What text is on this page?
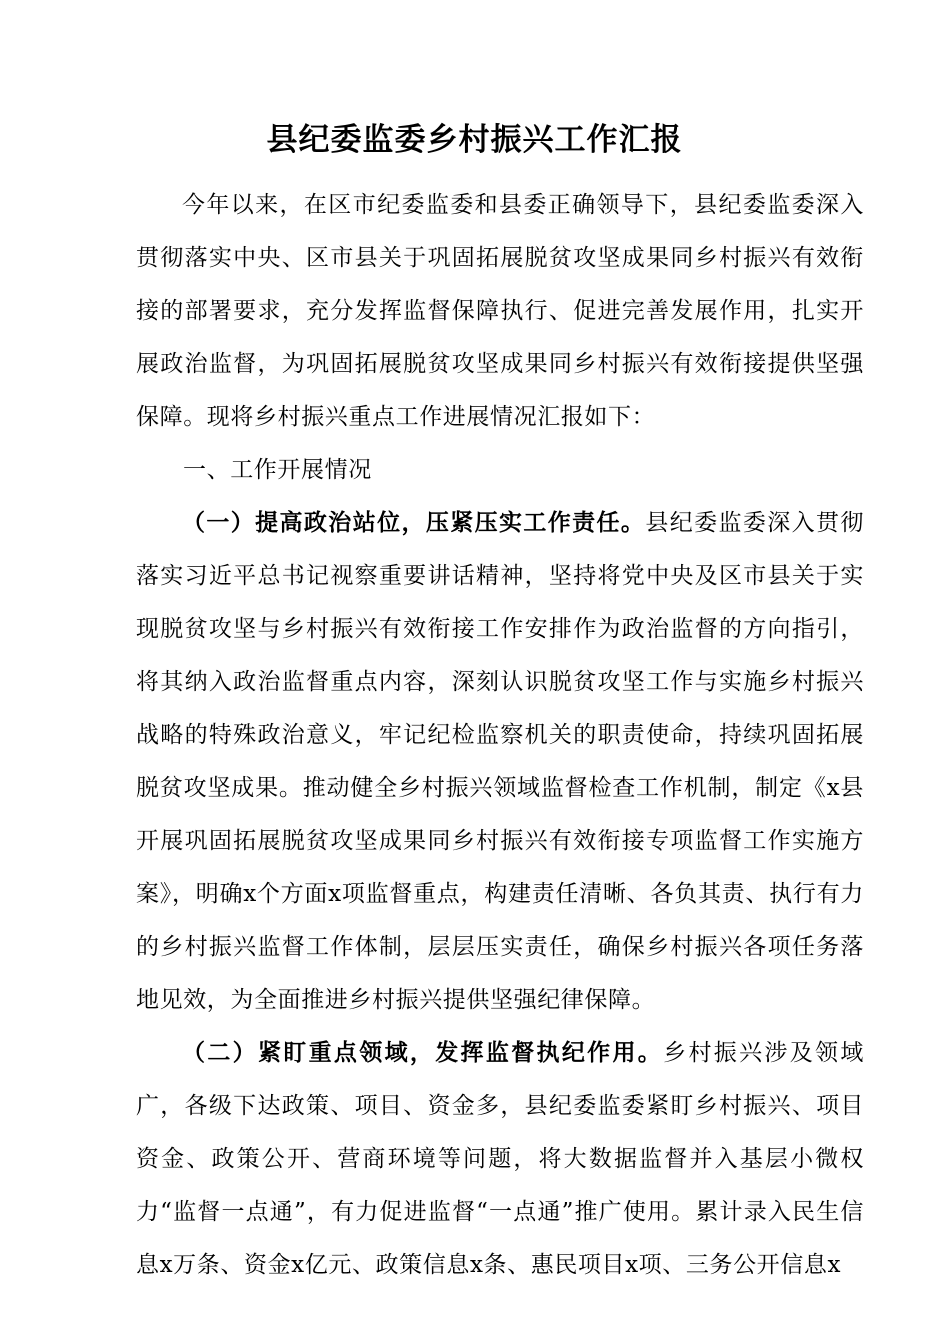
县纪委监委乡村振兴工作汇报

今年以来，在区市纪委监委和县委正确领导下，县纪委监委深入贯彻落实中央、区市县关于巩固拓展脱贫攻坚成果同乡村振兴有效衔接的部署要求，充分发挥监督保障执行、促进完善发展作用，扎实开展政治监督，为巩固拓展脱贫攻坚成果同乡村振兴有效衔接提供坚强保障。现将乡村振兴重点工作进展情况汇报如下：

一、工作开展情况

（一）提高政治站位，压紧压实工作责任。县纪委监委深入贯彻落实习近平总书记视察重要讲话精神，坚持将党中央及区市县关于实现脱贫攻坚与乡村振兴有效衔接工作安排作为政治监督的方向指引，将其纳入政治监督重点内容，深刻认识脱贫攻坚工作与实施乡村振兴战略的特殊政治意义，牢记纪检监察机关的职责使命，持续巩固拓展脱贫攻坚成果。推动健全乡村振兴领域监督检查工作机制，制定《x县开展巩固拓展脱贫攻坚成果同乡村振兴有效衔接专项监督工作实施方案》，明确x个方面x项监督重点，构建责任清晰、各负其责、执行有力的乡村振兴监督工作体制，层层压实责任，确保乡村振兴各项任务落地见效，为全面推进乡村振兴提供坚强纪律保障。

（二）紧盯重点领域，发挥监督执纪作用。乡村振兴涉及领域广，各级下达政策、项目、资金多，县纪委监委紧盯乡村振兴、项目资金、政策公开、营商环境等问题，将大数据监督并入基层小微权力“监督一点通”，有力促进监督“一点通”推广使用。累计录入民生信息x万条、资金x亿元、政策信息x条、惠民项目x项、三务公开信息x
